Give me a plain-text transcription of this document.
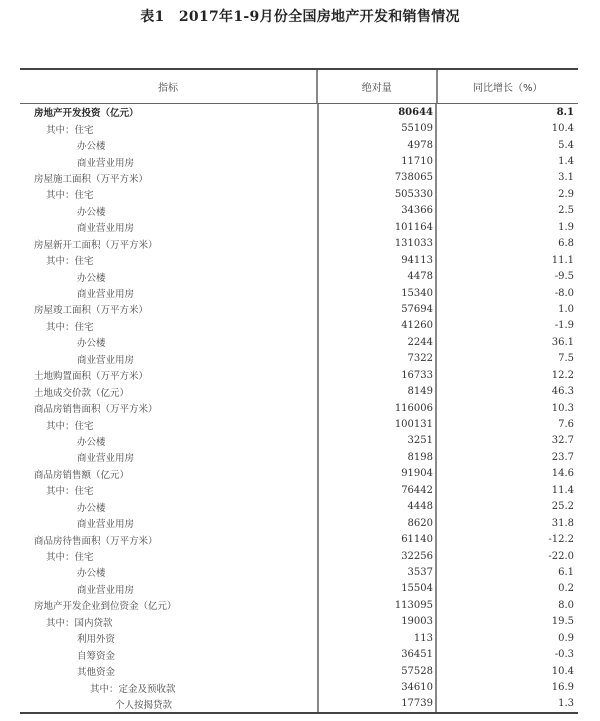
表1　2017年1-9月份全国房地产开发和销售情况
指标	绝对量	同比增长（%）
房地产开发投资（亿元）	80644	8.1
其中：住宅	55109	10.4
办公楼	4978	5.4
商业营业用房	11710	1.4
房屋施工面积（万平方米）	738065	3.1
其中：住宅	505330	2.9
办公楼	34366	2.5
商业营业用房	101164	1.9
房屋新开工面积（万平方米）	131033	6.8
其中：住宅	94113	11.1
办公楼	4478	-9.5
商业营业用房	15340	-8.0
房屋竣工面积（万平方米）	57694	1.0
其中：住宅	41260	-1.9
办公楼	2244	36.1
商业营业用房	7322	7.5
土地购置面积（万平方米）	16733	12.2
土地成交价款（亿元）	8149	46.3
商品房销售面积（万平方米）	116006	10.3
其中：住宅	100131	7.6
办公楼	3251	32.7
商业营业用房	8198	23.7
商品房销售额（亿元）	91904	14.6
其中：住宅	76442	11.4
办公楼	4448	25.2
商业营业用房	8620	31.8
商品房待售面积（万平方米）	61140	-12.2
其中：住宅	32256	-22.0
办公楼	3537	6.1
商业营业用房	15504	0.2
房地产开发企业到位资金（亿元）	113095	8.0
其中：国内贷款	19003	19.5
利用外资	113	0.9
自筹资金	36451	-0.3
其他资金	57528	10.4
其中：定金及预收款	34610	16.9
个人按揭贷款	17739	1.3
